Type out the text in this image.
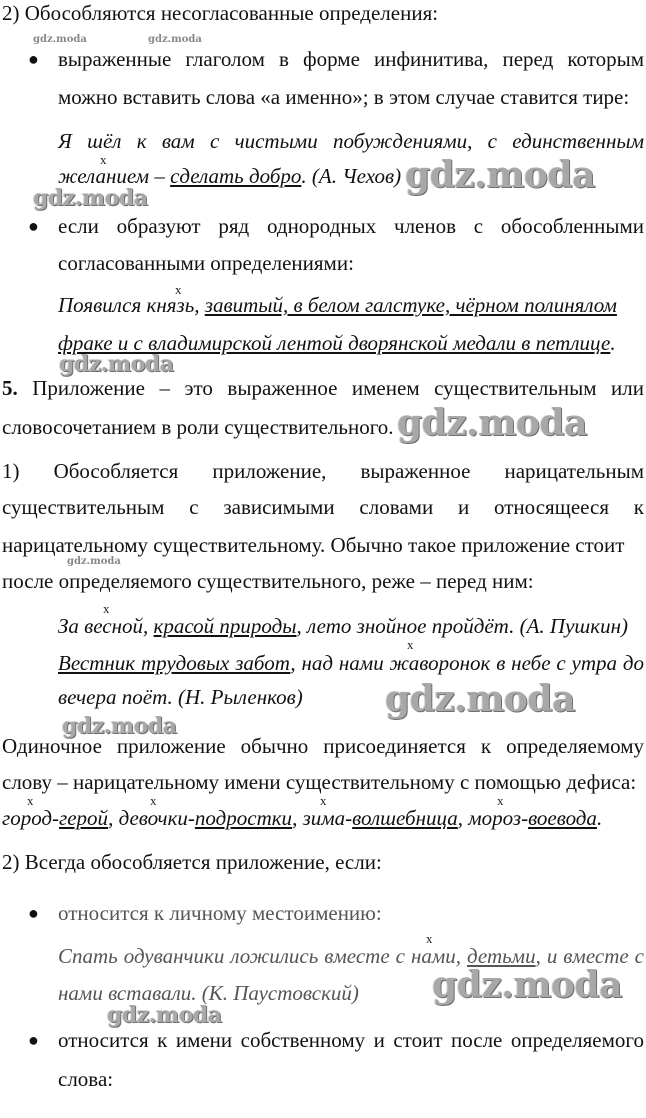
2) Обособляются несогласованные определения:
gdz.moda	gdz.moda
● выраженные глаголом в форме инфинитива, перед которым
можно вставить слова «а именно»; в этом случае ставится тире:
Я шёл к вам с чистыми побуждениями, с единственным
x
желанием – сделать добро. (А. Чехов) gdz.moda
gdz.moda
● если образуют ряд однородных членов с обособленными
согласованными определениями:
x
Появился князь, завитый, в белом галстуке, чёрном полинялом
фраке и с владимирской лентой дворянской медали в петлице.
gdz.moda
5. Приложение – это выраженное именем существительным или
словосочетанием в роли существительного. gdz.moda
1) Обособляется приложение, выраженное нарицательным
существительным с зависимыми словами и относящееся к
нарицательному существительному. Обычно такое приложение стоит
gdz.moda
после определяемого существительного, реже – перед ним:
x
За весной, красой природы, лето знойное пройдёт. (А. Пушкин)
x
Вестник трудовых забот, над нами жаворонок в небе с утра до
вечера поёт. (Н. Рыленков) gdz.moda
gdz.moda
Одиночное приложение обычно присоединяется к определяемому
слову – нарицательному имени существительному с помощью дефиса:
x	x	x	x
город-герой, девочки-подростки, зима-волшебница, мороз-воевода.
2) Всегда обособляется приложение, если:
● относится к личному местоимению:
x
Спать одуванчики ложились вместе с нами, детьми, и вместе с
нами вставали. (К. Паустовский) gdz.moda
gdz.moda
● относится к имени собственному и стоит после определяемого
слова:
